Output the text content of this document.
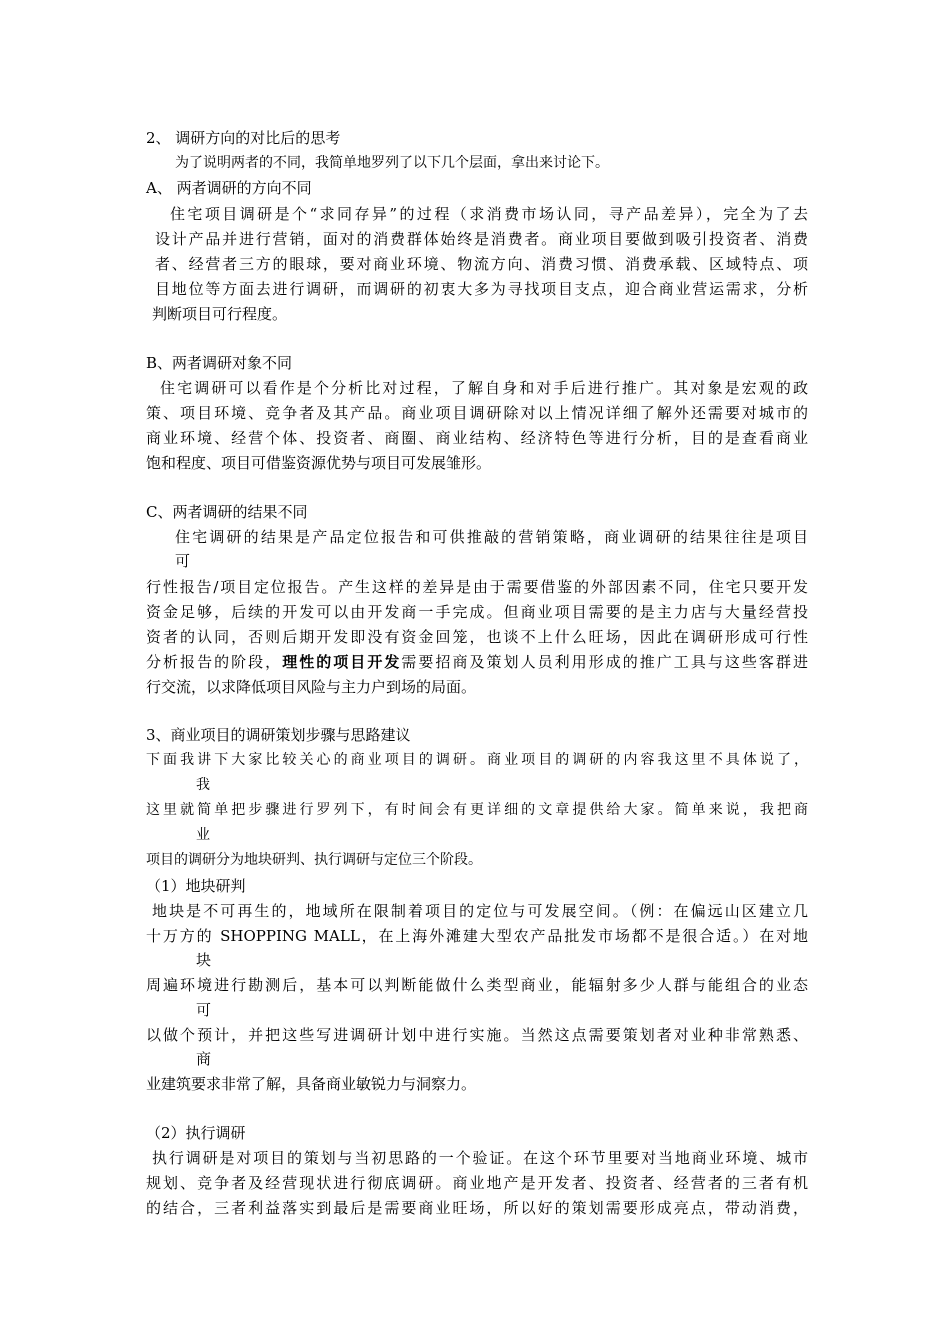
2、 调研方向的对比后的思考
为了说明两者的不同，我简单地罗列了以下几个层面，拿出来讨论下。
A、 两者调研的方向不同
住宅项目调研是个“求同存异”的过程（求消费市场认同，寻产品差异），完全为了去
设计产品并进行营销，面对的消费群体始终是消费者。商业项目要做到吸引投资者、消费
者、经营者三方的眼球，要对商业环境、物流方向、消费习惯、消费承载、区域特点、项
目地位等方面去进行调研，而调研的初衷大多为寻找项目支点，迎合商业营运需求，分析
判断项目可行程度。
B、两者调研对象不同
住宅调研可以看作是个分析比对过程，了解自身和对手后进行推广。其对象是宏观的政
策、项目环境、竞争者及其产品。商业项目调研除对以上情况详细了解外还需要对城市的
商业环境、经营个体、投资者、商圈、商业结构、经济特色等进行分析，目的是查看商业
饱和程度、项目可借鉴资源优势与项目可发展雏形。
C、两者调研的结果不同
住宅调研的结果是产品定位报告和可供推敲的营销策略，商业调研的结果往往是项目
可
行性报告/项目定位报告。产生这样的差异是由于需要借鉴的外部因素不同，住宅只要开发
资金足够，后续的开发可以由开发商一手完成。但商业项目需要的是主力店与大量经营投
资者的认同，否则后期开发即没有资金回笼，也谈不上什么旺场，因此在调研形成可行性
分析报告的阶段，理性的项目开发需要招商及策划人员利用形成的推广工具与这些客群进
行交流，以求降低项目风险与主力户到场的局面。
3、商业项目的调研策划步骤与思路建议
下面我讲下大家比较关心的商业项目的调研。商业项目的调研的内容我这里不具体说了，
我
这里就简单把步骤进行罗列下，有时间会有更详细的文章提供给大家。简单来说，我把商
业
项目的调研分为地块研判、执行调研与定位三个阶段。
（1）地块研判
地块是不可再生的，地域所在限制着项目的定位与可发展空间。（例：在偏远山区建立几
十万方的 SHOPPING MALL，在上海外滩建大型农产品批发市场都不是很合适。）在对地
块
周遍环境进行勘测后，基本可以判断能做什么类型商业，能辐射多少人群与能组合的业态
可
以做个预计，并把这些写进调研计划中进行实施。当然这点需要策划者对业种非常熟悉、
商
业建筑要求非常了解，具备商业敏锐力与洞察力。
（2）执行调研
执行调研是对项目的策划与当初思路的一个验证。在这个环节里要对当地商业环境、城市
规划、竞争者及经营现状进行彻底调研。商业地产是开发者、投资者、经营者的三者有机
的结合，三者利益落实到最后是需要商业旺场，所以好的策划需要形成亮点，带动消费，
